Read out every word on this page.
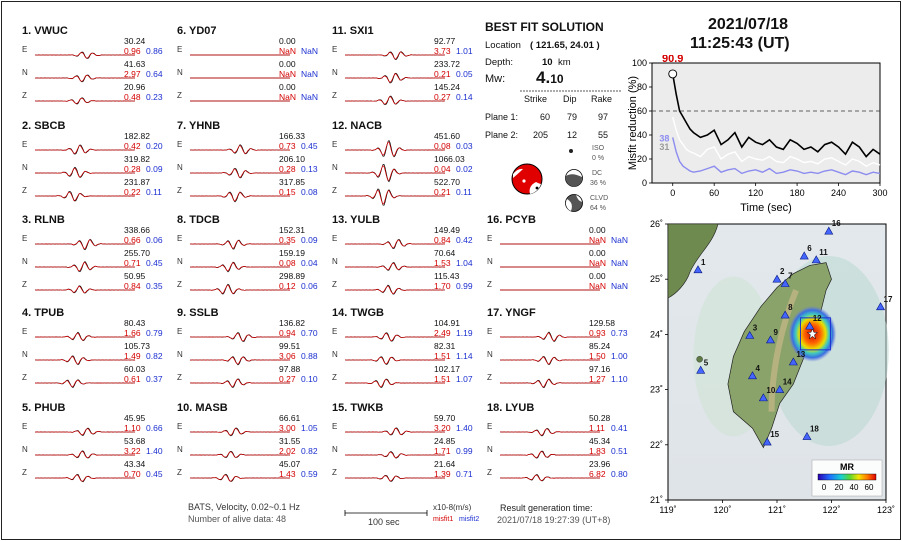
1. VWUC
E
30.24
0.96 0.86
N
41.63
2.97 0.64
Z
20.96
0.48 0.23
2. SBCB
E
182.82
0.42 0.20
N
319.82
0.28 0.09
Z
231.87
0.22 0.11
3. RLNB
E
338.66
0.66 0.06
N
255.70
0.71 0.45
Z
50.95
0.84 0.35
4. TPUB
E
80.43
1.66 0.79
N
105.73
1.49 0.82
Z
60.03
0.61 0.37
5. PHUB
E
45.95
1.10 0.66
N
53.68
3.22 1.40
Z
43.34
0.70 0.45
6. YD07
E
0.00
NaN NaN
N
0.00
NaN NaN
Z
0.00
NaN NaN
7. YHNB
E
166.33
0.73 0.45
N
206.10
0.28 0.13
Z
317.85
0.15 0.08
8. TDCB
E
152.31
0.35 0.09
N
159.19
0.08 0.04
Z
298.89
0.12 0.06
9. SSLB
E
136.82
0.94 0.70
N
99.51
3.06 0.88
Z
97.88
0.27 0.10
10. MASB
E
66.61
3.00 1.05
N
31.55
2.02 0.82
Z
45.07
1.43 0.59
11. SXI1
E
92.77
3.73 1.01
N
233.72
0.21 0.05
Z
145.24
0.27 0.14
12. NACB
E
451.60
0.08 0.03
N
1066.03
0.04 0.02
Z
522.70
0.21 0.11
13. YULB
E
149.49
0.84 0.42
N
70.64
1.53 1.04
Z
115.43
1.70 0.99
14. TWGB
E
104.91
2.49 1.19
N
82.31
1.51 1.14
Z
102.17
1.51 1.07
15. TWKB
E
59.70
3.20 1.40
N
24.85
1.71 0.99
Z
21.64
1.39 0.71
16. PCYB
E
0.00
NaN NaN
N
0.00
NaN NaN
Z
0.00
NaN NaN
17. YNGF
E
129.58
0.93 0.73
N
85.24
1.50 1.00
Z
97.16
1.27 1.10
18. LYUB
E
50.28
1.11 0.41
N
45.34
1.83 0.51
Z
23.96
6.82 0.80
BEST FIT SOLUTION
Location ( 121.65, 24.01 )
Depth:	10 km
Mw: 4.10
Strike Dip Rake
Plane 1: 60 79 97
Plane 2: 205 12 55
ISO
0 %
DC
36 %
CLVD
64 %
2021/07/18
11:25:43 (UT)
31
38
0	60	120	180	240	300
0
20
40
60
80
100
Misfit reduction (%)
Time (sec)
90.9
1
2
3
4
5
6
7
8
9
10
11
12
13
14
15
16
17
18
119˚	120˚	121˚	122˚	123˚
26˚
25˚
24˚
23˚
22˚
21˚
MR
0 20 40 60
BATS, Velocity, 0.02~0.1 Hz
Number of alive data: 48	100 sec
x10-8(m/s)
misfit1 misfit2
Result generation time:
2021/07/18 19:27:39 (UT+8)
